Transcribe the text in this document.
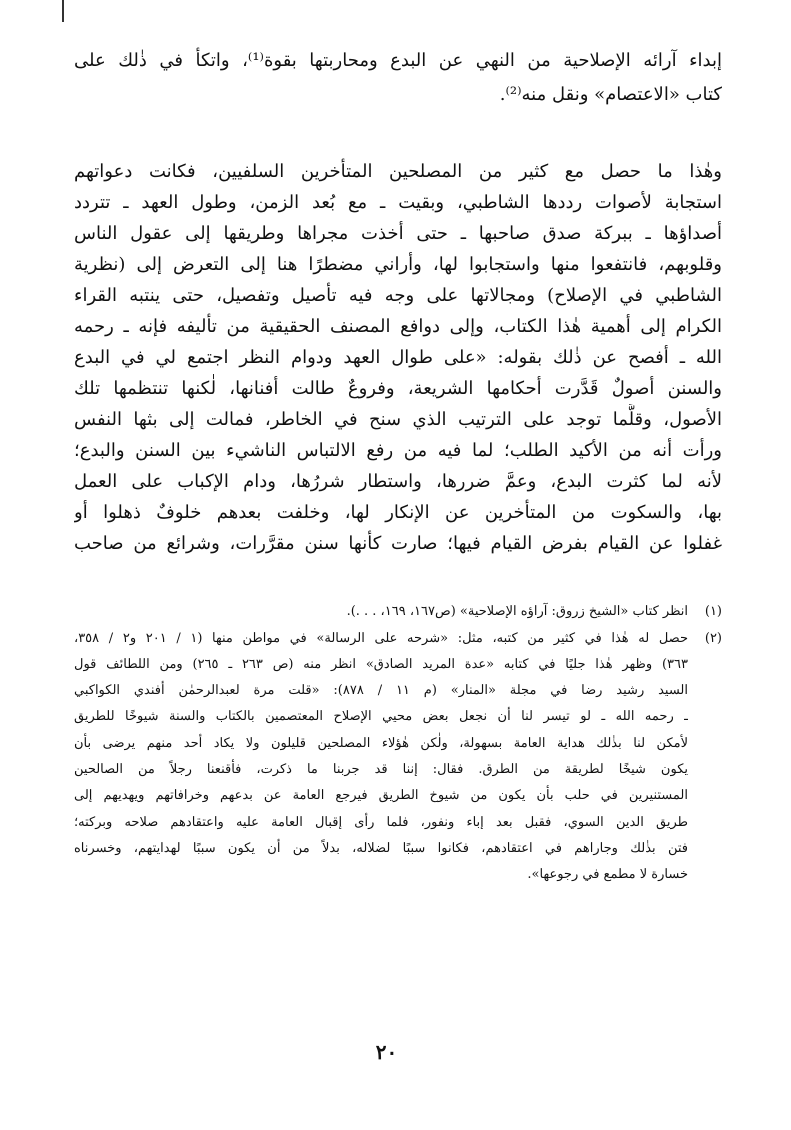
إبداء آرائه الإصلاحية من النهي عن البدع ومحاربتها بقوة⁽¹⁾، واتكأ في ذٰلك على
كتاب «الاعتصام» ونقل منه⁽²⁾.
وهٰذا ما حصل مع كثير من المصلحين المتأخرين السلفيين، فكانت دعواتهم
استجابة لأصوات رددها الشاطبي، وبقيت ـ مع بُعد الزمن، وطول العهد ـ تتردد
أصداؤها ـ ببركة صدق صاحبها ـ حتى أخذت مجراها وطريقها إلى عقول الناس
وقلوبهم، فانتفعوا منها واستجابوا لها، وأراني مضطرًا هنا إلى التعرض إلى (نظرية
الشاطبي في الإصلاح) ومجالاتها على وجه فيه تأصيل وتفصيل، حتى ينتبه القراء
الكرام إلى أهمية هٰذا الكتاب، وإلى دوافع المصنف الحقيقية من تأليفه فإنه ـ رحمه
الله ـ أفصح عن ذٰلك بقوله: «على طوال العهد ودوام النظر اجتمع لي في البدع
والسنن أصولٌ قَدَّرت أحكامها الشريعة، وفروعٌ طالت أفنانها، لٰكنها تنتظمها تلك
الأصول، وقلَّما توجد على الترتيب الذي سنح في الخاطر، فمالت إلى بثها النفس
ورأت أنه من الأكيد الطلب؛ لما فيه من رفع الالتباس الناشيء بين السنن والبدع؛
لأنه لما كثرت البدع، وعمَّ ضررها، واستطار شررُها، ودام الإكباب على العمل
بها، والسكوت من المتأخرين عن الإنكار لها، وخلفت بعدهم خلوفٌ ذهلوا أو
غفلوا عن القيام بفرض القيام فيها؛ صارت كأنها سنن مقرَّرات، وشرائع من صاحب
(١)
انظر كتاب «الشيخ زروق: آراؤه الإصلاحية» (ص١٦٧، ١٦٩، . . .).
(٢)
حصل له هٰذا في كثير من كتبه، مثل: «شرحه على الرسالة» في مواطن منها (١ / ٢٠١ و٢ / ٣٥٨،
٣٦٣) وظهر هٰذا جليًا في كتابه «عدة المريد الصادق» انظر منه (ص ٢٦٣ ـ ٢٦٥) ومن اللطائف قول
السيد رشيد رضا في مجلة «المنار» (م ١١ / ٨٧٨): «قلت مرة لعبدالرحمٰن أفندي الكواكبي
ـ رحمه الله ـ لو تيسر لنا أن نجعل بعض محيي الإصلاح المعتصمين بالكتاب والسنة شيوخًا للطريق
لأمكن لنا بذٰلك هداية العامة بسهولة، ولٰكن هٰؤلاء المصلحين قليلون ولا يكاد أحد منهم يرضى بأن
يكون شيخًا لطريقة من الطرق. فقال: إننا قد جربنا ما ذكرت، فأقنعنا رجلاً من الصالحين
المستنيرين في حلب بأن يكون من شيوخ الطريق فيرجع العامة عن بدعهم وخرافاتهم ويهديهم إلى
طريق الدين السوي، فقبل بعد إباء ونفور، فلما رأى إقبال العامة عليه واعتقادهم صلاحه وبركته؛
فتن بذٰلك وجاراهم في اعتقادهم، فكانوا سببًا لضلاله، بدلاً من أن يكون سببًا لهدايتهم، وخسرناه
خسارة لا مطمع في رجوعها».
٢٠
